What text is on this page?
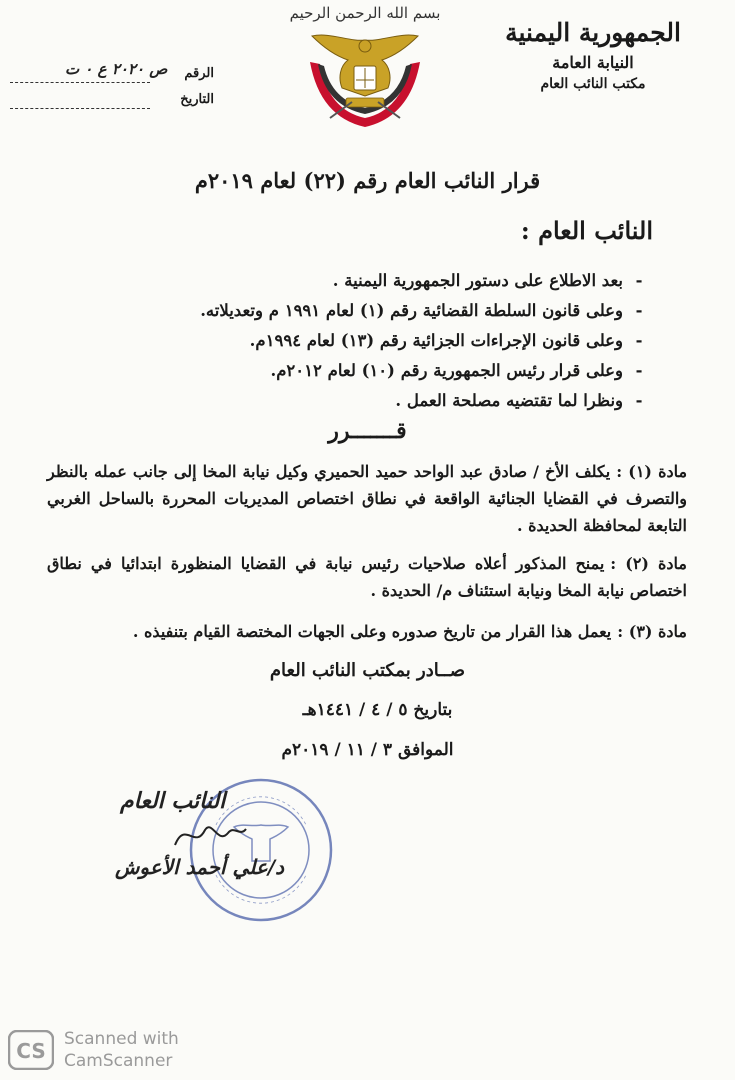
الجمهورية اليمنية
النيابة العامة
مكتب النائب العام
بسم الله الرحمن الرحيم
الرقم
ص ٢٠٢٠ ع ٠ ت
التاريخ
قرار النائب العام رقم (٢٢) لعام ٢٠١٩م
النائب العام :
-بعد الاطلاع على دستور الجمهورية اليمنية .
-وعلى قانون السلطة القضائية رقم (١) لعام ١٩٩١ م وتعديلاته.
-وعلى قانون الإجراءات الجزائية رقم (١٣) لعام ١٩٩٤م.
-وعلى قرار رئيس الجمهورية رقم (١٠) لعام ٢٠١٢م.
-ونظرا لما تقتضيه مصلحة العمل .
قـــــــرر
مادة (١) :يكلف الأخ / صادق عبد الواحد حميد الحميري وكيل نيابة المخا إلى جانب عمله بالنظر والتصرف في القضايا الجنائية الواقعة في نطاق اختصاص المديريات المحررة بالساحل الغربي التابعة لمحافظة الحديدة .
مادة (٢) :يمنح المذكور أعلاه صلاحيات رئيس نيابة في القضايا المنظورة ابتدائيا في نطاق اختصاص نيابة المخا ونيابة استئناف م/ الحديدة .
مادة (٣) :يعمل هذا القرار من تاريخ صدوره وعلى الجهات المختصة القيام بتنفيذه .
صــادر بمكتب النائب العام
بتاريخ ٥ / ٤ / ١٤٤١هـ
الموافق ٣ / ١١ / ٢٠١٩م
النائب العام
د/علي أحمد الأعوش
CS Scanned with
CamScanner
